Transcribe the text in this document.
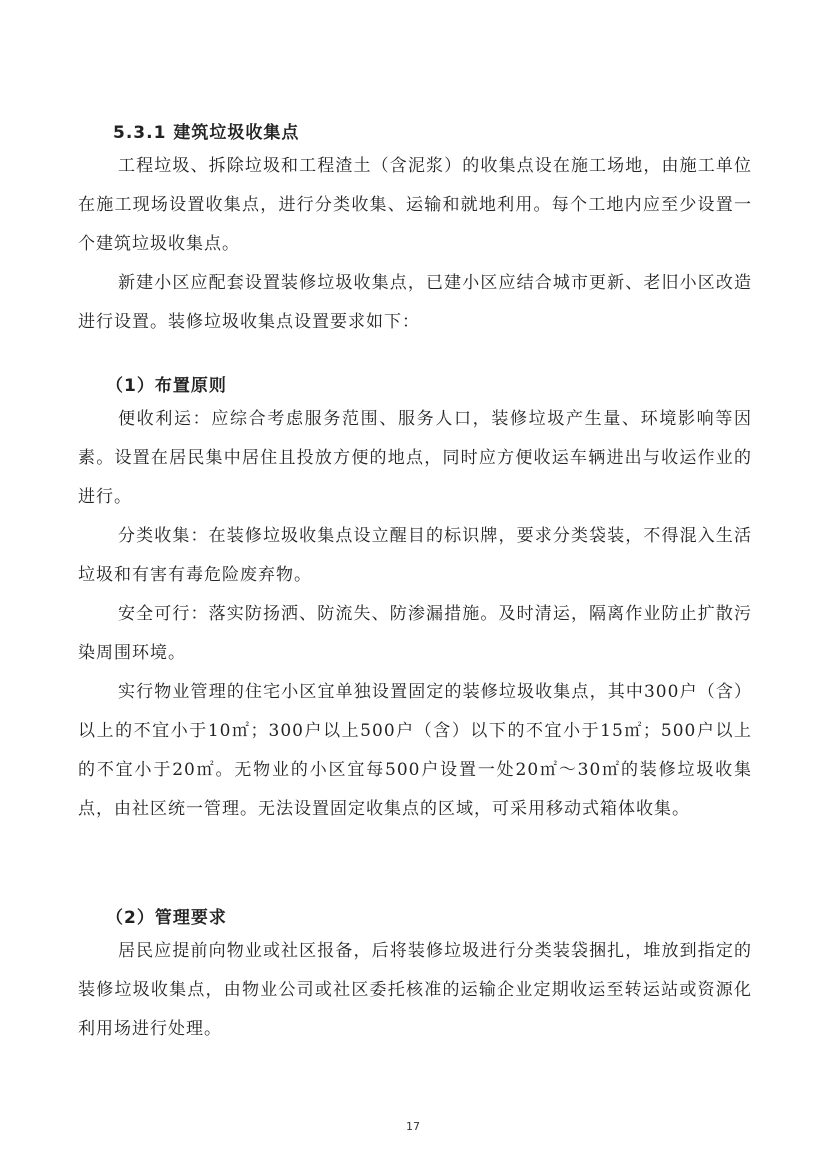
5.3.1 建筑垃圾收集点

工程垃圾、拆除垃圾和工程渣土（含泥浆）的收集点设在施工场地，由施工单位在施工现场设置收集点，进行分类收集、运输和就地利用。每个工地内应至少设置一个建筑垃圾收集点。

新建小区应配套设置装修垃圾收集点，已建小区应结合城市更新、老旧小区改造进行设置。装修垃圾收集点设置要求如下：

（1）布置原则

便收利运：应综合考虑服务范围、服务人口，装修垃圾产生量、环境影响等因素。设置在居民集中居住且投放方便的地点，同时应方便收运车辆进出与收运作业的进行。

分类收集：在装修垃圾收集点设立醒目的标识牌，要求分类袋装，不得混入生活垃圾和有害有毒危险废弃物。

安全可行：落实防扬洒、防流失、防渗漏措施。及时清运，隔离作业防止扩散污染周围环境。

实行物业管理的住宅小区宜单独设置固定的装修垃圾收集点，其中300户（含）以上的不宜小于10㎡；300户以上500户（含）以下的不宜小于15㎡；500户以上的不宜小于20㎡。无物业的小区宜每500户设置一处20㎡～30㎡的装修垃圾收集点，由社区统一管理。无法设置固定收集点的区域，可采用移动式箱体收集。

（2）管理要求

居民应提前向物业或社区报备，后将装修垃圾进行分类装袋捆扎，堆放到指定的装修垃圾收集点，由物业公司或社区委托核准的运输企业定期收运至转运站或资源化利用场进行处理。

17
